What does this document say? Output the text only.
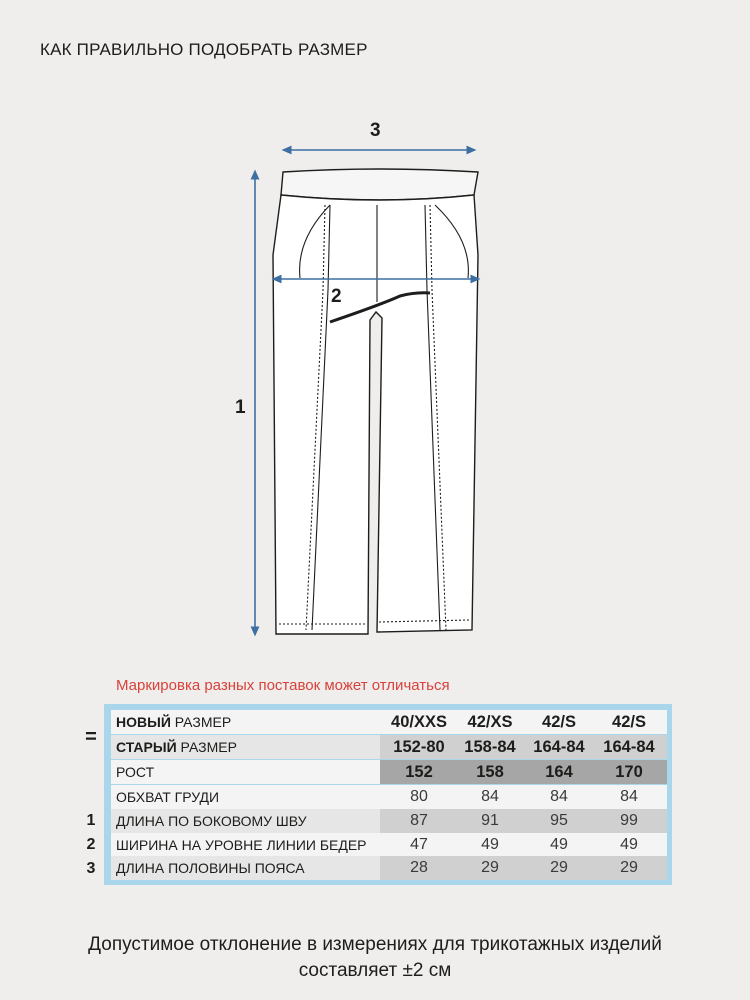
КАК ПРАВИЛЬНО ПОДОБРАТЬ РАЗМЕР
3
1
2
Маркировка разных поставок может отличаться
=
НОВЫЙ РАЗМЕР	40/XXS	42/XS	42/S	42/S
СТАРЫЙ РАЗМЕР	152-80	158-84	164-84	164-84
РОСТ	152	158	164	170
ОБХВАТ ГРУДИ	80	84	84	84
ДЛИНА ПО БОКОВОМУ ШВУ	87	91	95	99
ШИРИНА НА УРОВНЕ ЛИНИИ БЕДЕР	47	49	49	49
ДЛИНА ПОЛОВИНЫ ПОЯСА	28	29	29	29
1
2
3
Допустимое отклонение в измерениях для трикотажных изделий
составляет ±2 см
